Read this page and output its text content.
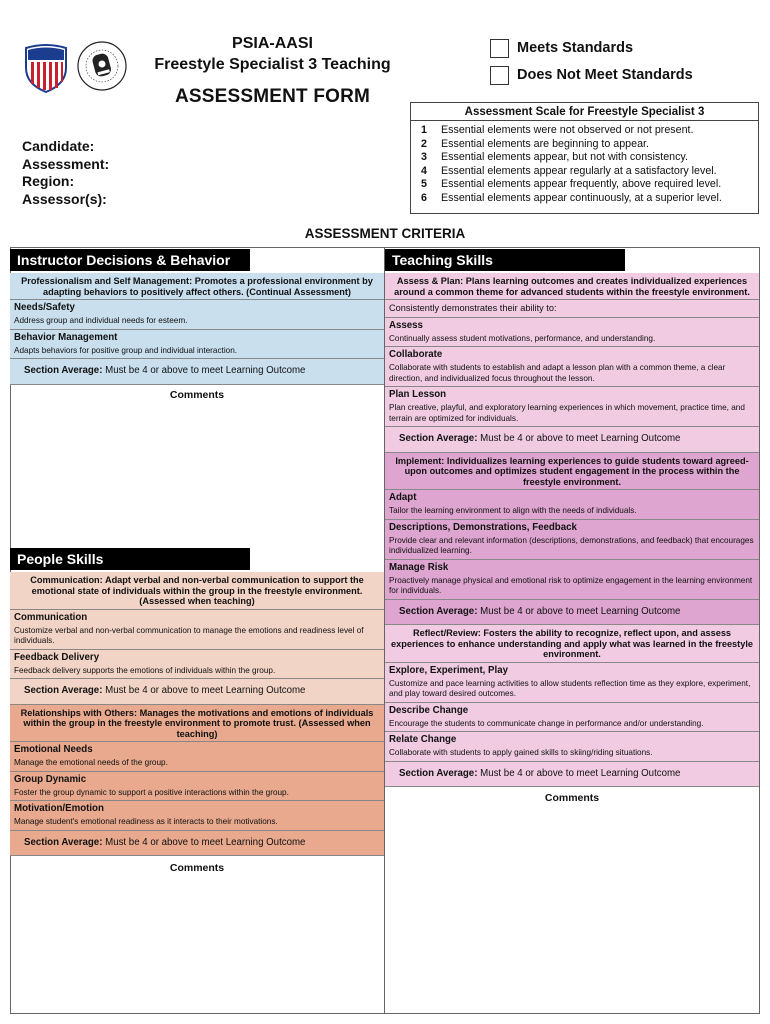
PSIA-AASI
Freestyle Specialist 3 Teaching
ASSESSMENT FORM
Meets Standards
Does Not Meet Standards
Candidate:
Assessment:
Region:
Assessor(s):
Assessment Scale for Freestyle Specialist 3
1	Essential elements were not observed or not present.
2	Essential elements are beginning to appear.
3	Essential elements appear, but not with consistency.
4	Essential elements appear regularly at a satisfactory level.
5	Essential elements appear frequently, above required level.
6	Essential elements appear continuously, at a superior level.
ASSESSMENT CRITERIA
Instructor Decisions & Behavior
Professionalism and Self Management: Promotes a professional environment by adapting behaviors to positively affect others. (Continual Assessment)
Needs/Safety
Address group and individual needs for esteem.
Behavior Management
Adapts behaviors for positive group and individual interaction.
Section Average: Must be 4 or above to meet Learning Outcome
Comments
People Skills
Communication: Adapt verbal and non-verbal communication to support the emotional state of individuals within the group in the freestyle environment. (Assessed when teaching)
Communication
Customize verbal and non-verbal communication to manage the emotions and readiness level of individuals.
Feedback Delivery
Feedback delivery supports the emotions of individuals within the group.
Section Average: Must be 4 or above to meet Learning Outcome
Relationships with Others: Manages the motivations and emotions of individuals within the group in the freestyle environment to promote trust. (Assessed when teaching)
Emotional Needs
Manage the emotional needs of the group.
Group Dynamic
Foster the group dynamic to support a positive interactions within the group.
Motivation/Emotion
Manage student's emotional readiness as it interacts to their motivations.
Section Average: Must be 4 or above to meet Learning Outcome
Comments
Teaching Skills
Assess & Plan: Plans learning outcomes and creates individualized experiences around a common theme for advanced students within the freestyle environment.
Consistently demonstrates their ability to:
Assess
Continually assess student motivations, performance, and understanding.
Collaborate
Collaborate with students to establish and adapt a lesson plan with a common theme, a clear direction, and individualized focus throughout the lesson.
Plan Lesson
Plan creative, playful, and exploratory learning experiences in which movement, practice time, and terrain are optimized for individuals.
Section Average: Must be 4 or above to meet Learning Outcome
Implement: Individualizes learning experiences to guide students toward agreed-upon outcomes and optimizes student engagement in the process within the freestyle environment.
Adapt
Tailor the learning environment to align with the needs of individuals.
Descriptions, Demonstrations, Feedback
Provide clear and relevant information (descriptions, demonstrations, and feedback) that encourages individualized learning.
Manage Risk
Proactively manage physical and emotional risk to optimize engagement in the learning environment for individuals.
Section Average: Must be 4 or above to meet Learning Outcome
Reflect/Review: Fosters the ability to recognize, reflect upon, and assess experiences to enhance understanding and apply what was learned in the freestyle environment.
Explore, Experiment, Play
Customize and pace learning activities to allow students reflection time as they explore, experiment, and play toward desired outcomes.
Describe Change
Encourage the students to communicate change in performance and/or understanding.
Relate Change
Collaborate with students to apply gained skills to skiing/riding situations.
Section Average: Must be 4 or above to meet Learning Outcome
Comments
